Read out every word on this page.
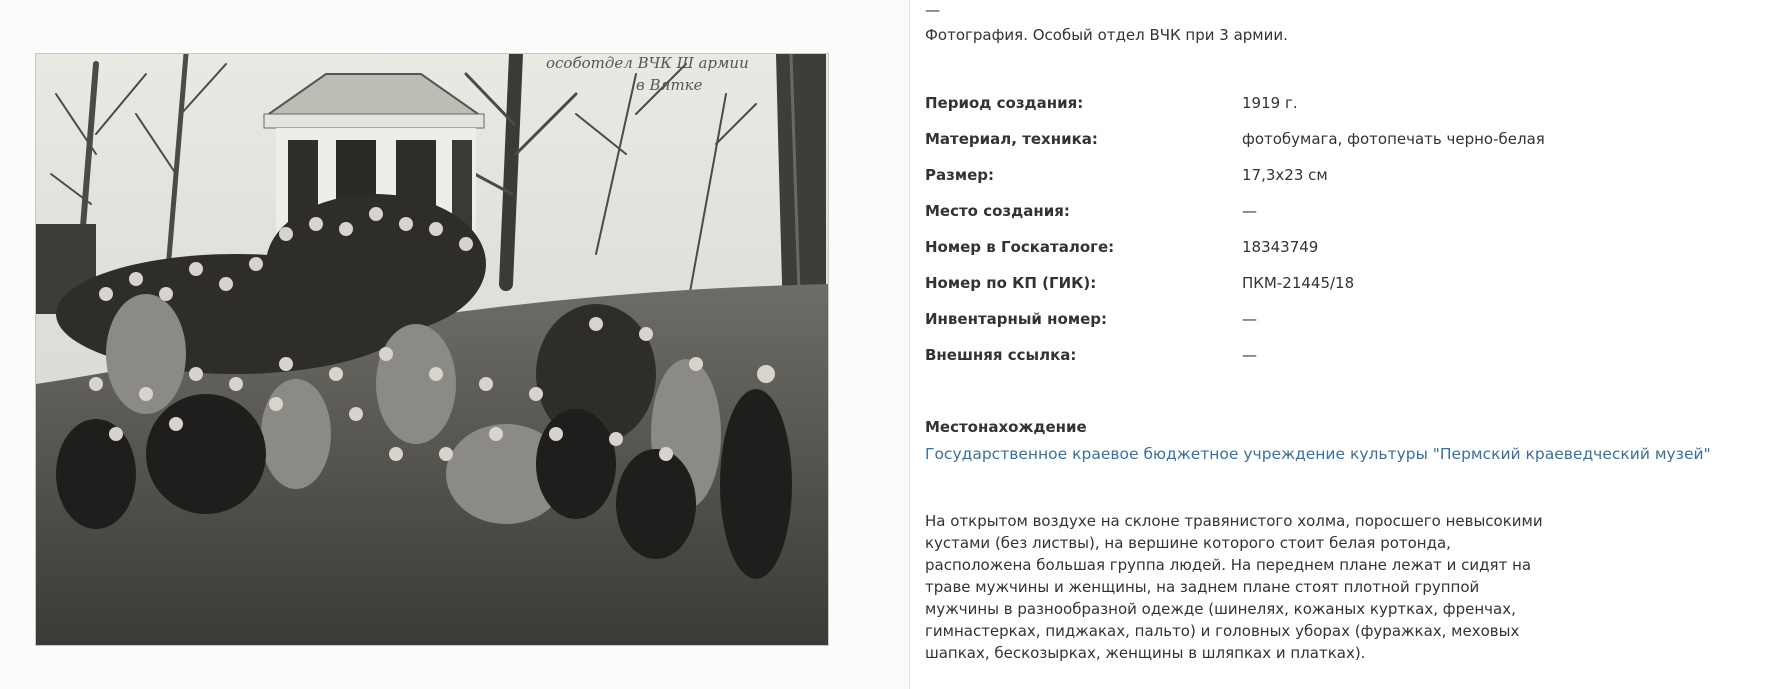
особотдел ВЧК Ш армии
в Вятке
—
Фотография. Особый отдел ВЧК при 3 армии.
Период создания:	1919 г.
Материал, техника:	фотобумага, фотопечать черно-белая
Размер:	17,3х23 см
Место создания:	—
Номер в Госкаталоге:	18343749
Номер по КП (ГИК):	ПКМ-21445/18
Инвентарный номер:	—
Внешняя ссылка:	—
Местонахождение
Государственное краевое бюджетное учреждение культуры "Пермский краеведческий музей"
На открытом воздухе на склоне травянистого холма, поросшего невысокими кустами (без листвы), на вершине которого стоит белая ротонда, расположена большая группа людей. На переднем плане лежат и сидят на траве мужчины и женщины, на заднем плане стоят плотной группой мужчины в разнообразной одежде (шинелях, кожаных куртках, френчах, гимнастерках, пиджаках, пальто) и головных уборах (фуражках, меховых шапках, бескозырках, женщины в шляпках и платках).
